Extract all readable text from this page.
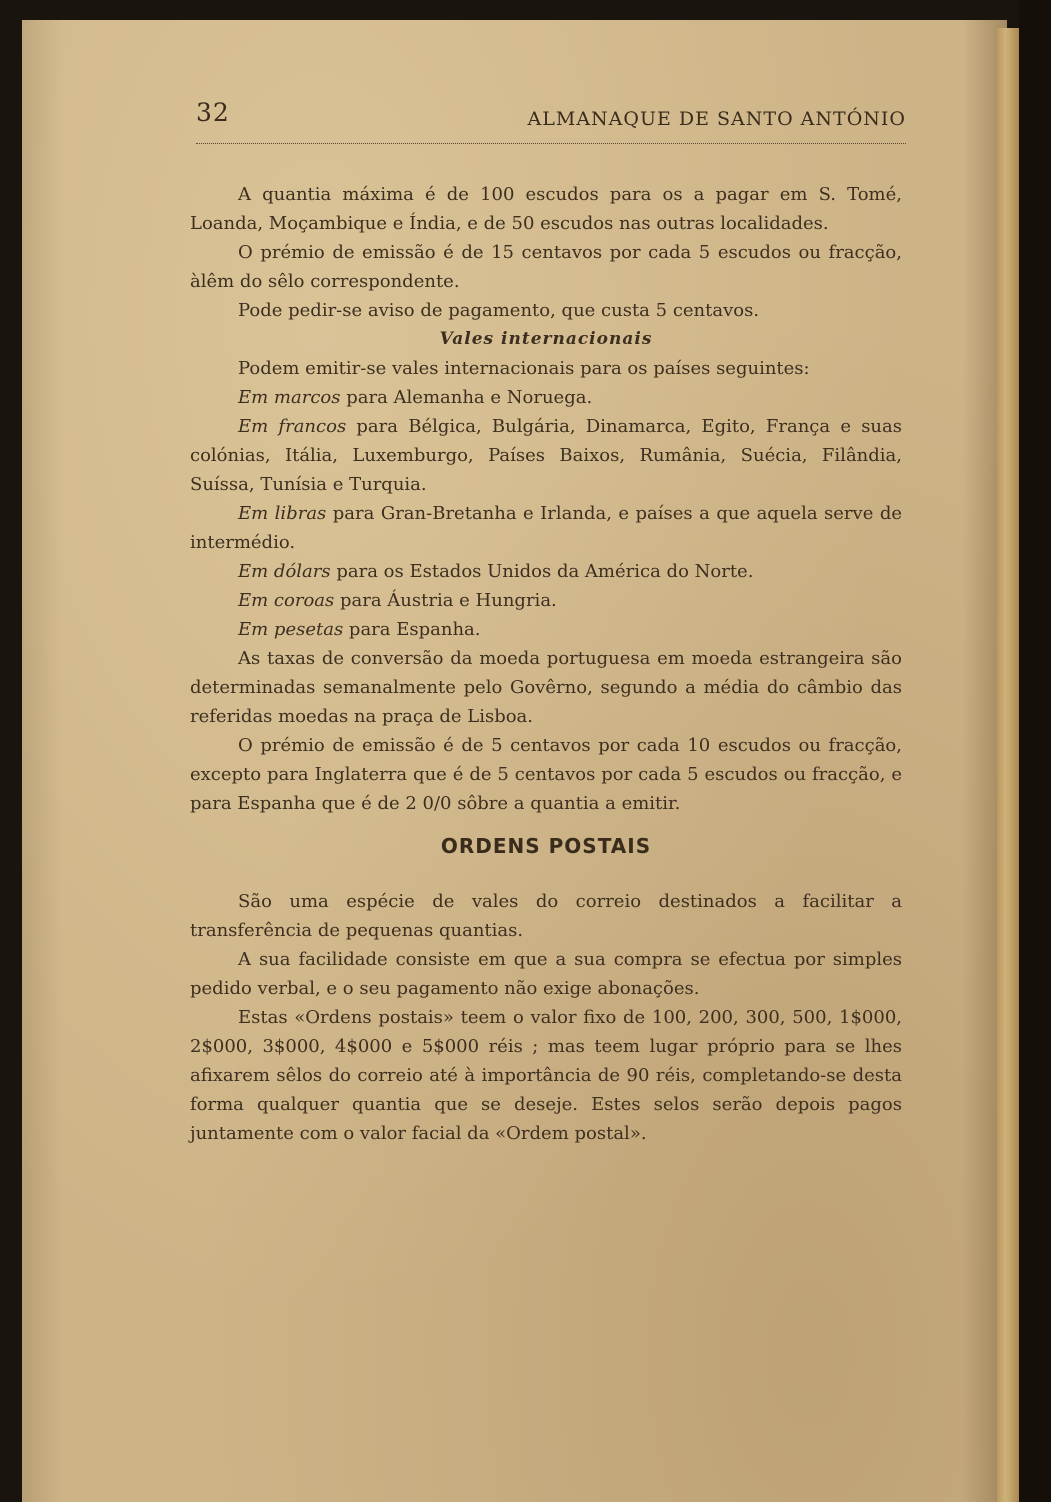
32	ALMANAQUE DE SANTO ANTÓNIO

A quantia máxima é de 100 escudos para os a pagar em S. Tomé, Loanda, Moçambique e Índia, e de 50 escudos nas outras localidades.

O prémio de emissão é de 15 centavos por cada 5 escudos ou fracção, àlêm do sêlo correspondente.

Pode pedir-se aviso de pagamento, que custa 5 centavos.

Vales internacionais

Podem emitir-se vales internacionais para os países seguintes:

Em marcos para Alemanha e Noruega.

Em francos para Bélgica, Bulgária, Dinamarca, Egito, França e suas colónias, Itália, Luxemburgo, Países Baixos, Rumânia, Suécia, Filândia, Suíssa, Tunísia e Turquia.

Em libras para Gran-Bretanha e Irlanda, e países a que aquela serve de intermédio.

Em dólars para os Estados Unidos da América do Norte.

Em coroas para Áustria e Hungria.

Em pesetas para Espanha.

As taxas de conversão da moeda portuguesa em moeda estrangeira são determinadas semanalmente pelo Govêrno, segundo a média do câmbio das referidas moedas na praça de Lisboa.

O prémio de emissão é de 5 centavos por cada 10 escudos ou fracção, excepto para Inglaterra que é de 5 centavos por cada 5 escudos ou fracção, e para Espanha que é de 2 0/0 sôbre a quantia a emitir.

ORDENS POSTAIS

São uma espécie de vales do correio destinados a facilitar a transferência de pequenas quantias.

A sua facilidade consiste em que a sua compra se efectua por simples pedido verbal, e o seu pagamento não exige abonações.

Estas «Ordens postais» teem o valor fixo de 100, 200, 300, 500, 1$000, 2$000, 3$000, 4$000 e 5$000 réis ; mas teem lugar próprio para se lhes afixarem sêlos do correio até à importância de 90 réis, completando-se desta forma qualquer quantia que se deseje. Estes selos serão depois pagos juntamente com o valor facial da «Ordem postal».
